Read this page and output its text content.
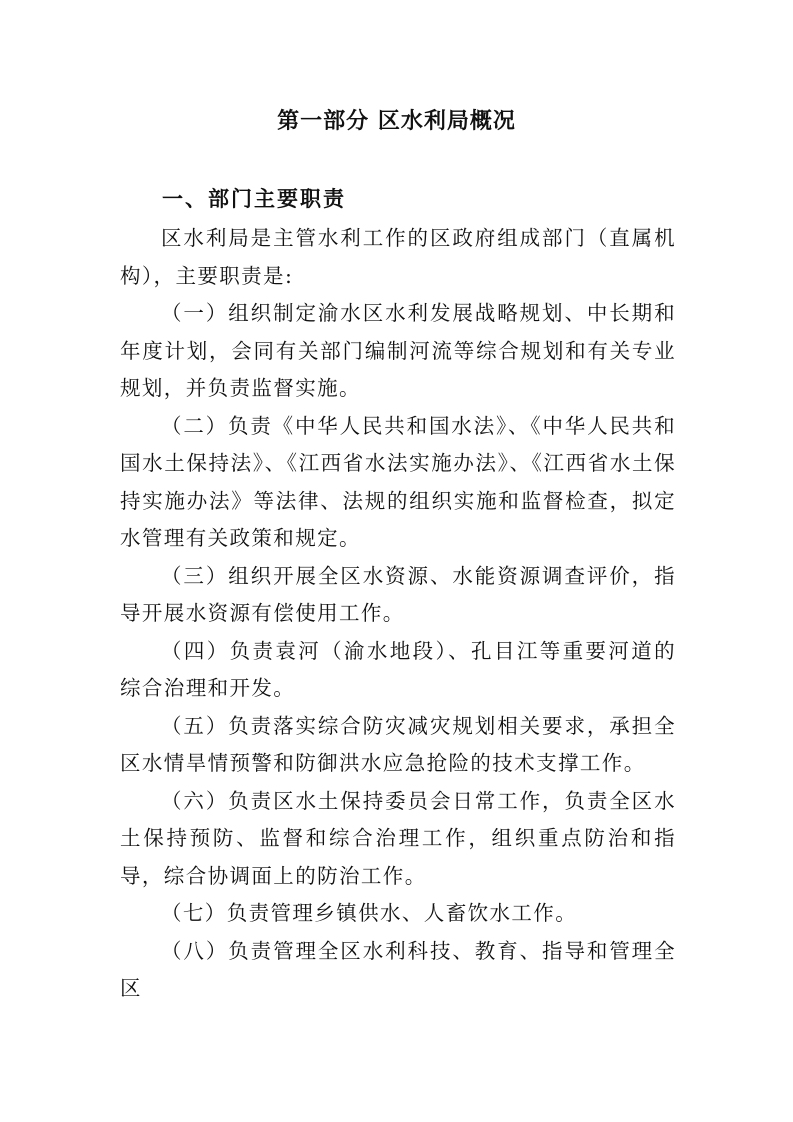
第一部分 区水利局概况
一、部门主要职责

区水利局是主管水利工作的区政府组成部门（直属机构），主要职责是:

（一）组织制定渝水区水利发展战略规划、中长期和年度计划，会同有关部门编制河流等综合规划和有关专业规划，并负责监督实施。

（二）负责《中华人民共和国水法》、《中华人民共和国水土保持法》、《江西省水法实施办法》、《江西省水土保持实施办法》等法律、法规的组织实施和监督检查，拟定水管理有关政策和规定。

（三）组织开展全区水资源、水能资源调查评价，指导开展水资源有偿使用工作。

（四）负责袁河（渝水地段）、孔目江等重要河道的综合治理和开发。

（五）负责落实综合防灾减灾规划相关要求，承担全区水情旱情预警和防御洪水应急抢险的技术支撑工作。

（六）负责区水土保持委员会日常工作，负责全区水土保持预防、监督和综合治理工作，组织重点防治和指导，综合协调面上的防治工作。

（七）负责管理乡镇供水、人畜饮水工作。

（八）负责管理全区水利科技、教育、指导和管理全区
